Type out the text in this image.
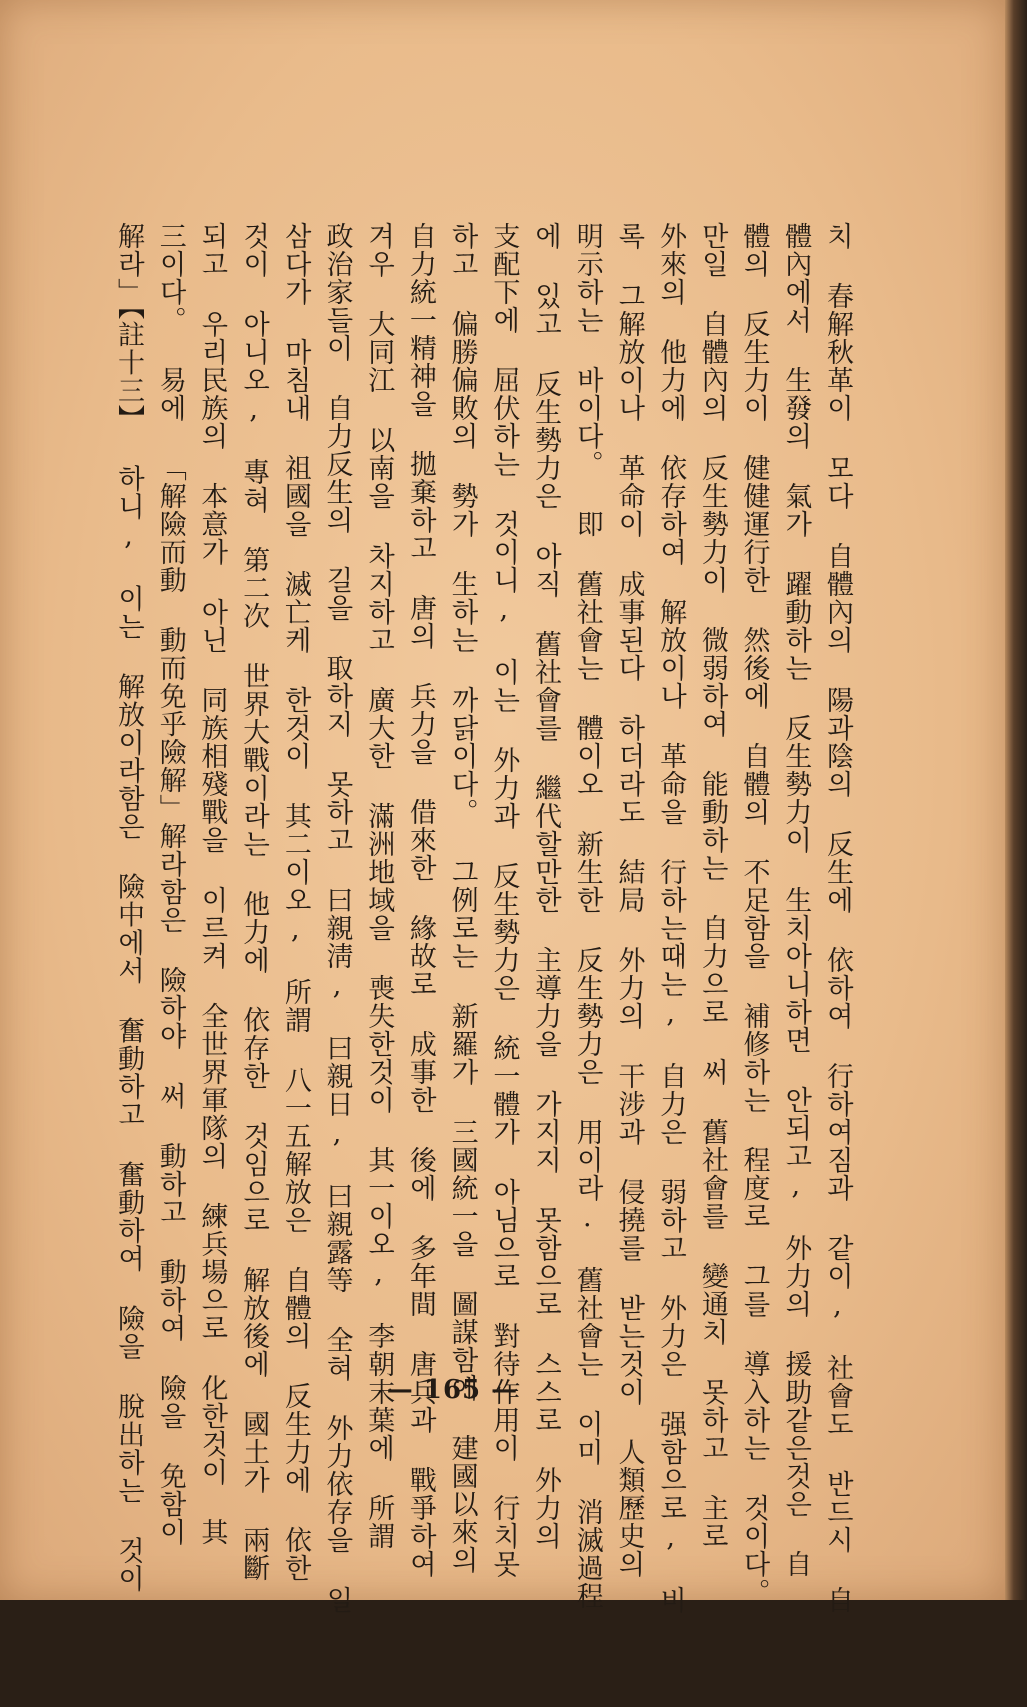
치 春解秋革이 모다 自體內의 陽과陰의 反生에 依하여 行하여짐과 같이, 社會도 반드시 自
體內에서 生發의 氣가 躍動하는 反生勢力이 生치아니하면 안되고, 外力의 援助같은것은 自
體의 反生力이 健健運行한 然後에 自體의 不足함을 補修하는 程度로 그를 導入하는 것이다。
만일 自體內의 反生勢力이 微弱하여 能動하는 自力으로 써 舊社會를 變通치 못하고 主로
外來의 他力에 依存하여 解放이나 革命을 行하는때는, 自力은 弱하고 外力은 强함으로, 비
록 그解放이나 革命이 成事된다 하더라도 結局 外力의 干涉과 侵撓를 받는것이 人類歷史의
明示하는 바이다。 即 舊社會는 體이오 新生한 反生勢力은 用이라. 舊社會는 이미 消滅過程
에 있고 反生勢力은 아직 舊社會를 繼代할만한 主導力을 가지지 못함으로 스스로 外力의
支配下에 屈伏하는 것이니, 이는 外力과 反生勢力은 統一體가 아님으로 對待作用이 行치못
하고 偏勝偏敗의 勢가 生하는 까닭이다。 그例로는 新羅가 三國統一을 圖謀함에 建國以來의
自力統一精神을 拋棄하고 唐의 兵力을 借來한 緣故로 成事한 後에 多年間 唐兵과 戰爭하여
겨우 大同江 以南을 차지하고 廣大한 滿洲地域을 喪失한것이 其一이오, 李朝末葉에 所謂
政治家들이 自力反生의 길을 取하지 못하고 曰親淸, 曰親日, 曰親露等 全혀 外力依存을 일
삼다가 마침내 祖國을 滅亡케 한것이 其二이오, 所謂 八一五解放은 自體의 反生力에 依한
것이 아니오, 專혀 第二次 世界大戰이라는 他力에 依存한 것임으로 解放後에 國土가 兩斷
되고 우리民族의 本意가 아닌 同族相殘戰을 이르켜 全世界軍隊의 練兵場으로 化한것이 其
三이다。 易에 「解險而動 動而免乎險解」解라함은 險하야 써 動하고 動하여 險을 免함이
解라」【註十三】 하니, 이는 解放이라함은 險中에서 奮動하고 奮動하여 險을 脫出하는 것이	— 165 —
